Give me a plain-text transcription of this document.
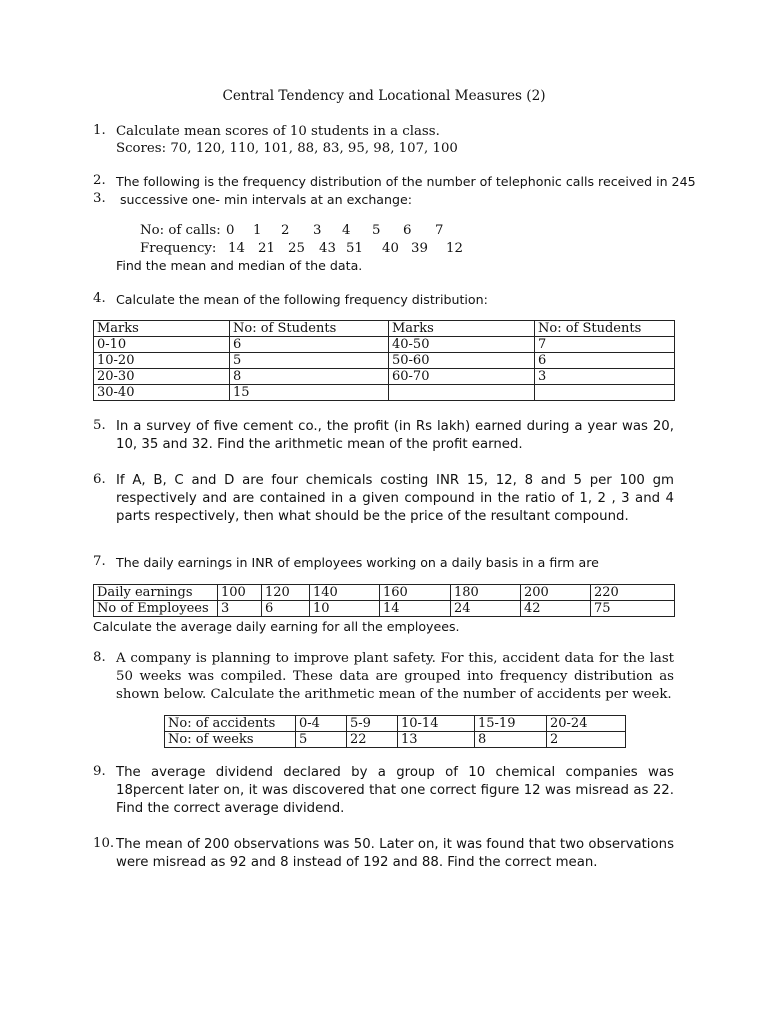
Central Tendency and Locational Measures (2)
1. Calculate mean scores of 10 students in a class.
Scores: 70, 120, 110, 101, 88, 83, 95, 98, 107, 100
2. The following is the frequency distribution of the number of telephonic calls received in 245
3. successive one- min intervals at an exchange:
No: of calls: 0 1 2 3 4 5 6 7
Frequency: 14 21 25 43 51 40 39 12
Find the mean and median of the data.
4. Calculate the mean of the following frequency distribution:
Marks	No: of Students	Marks	No: of Students
0-10	6	40-50	7
10-20	5	50-60	6
20-30	8	60-70	3
30-40	15		
5. In a survey of five cement co., the profit (in Rs lakh) earned during a year was 20, 10, 35 and 32. Find the arithmetic mean of the profit earned.
6. If A, B, C and D are four chemicals costing INR 15, 12, 8 and 5 per 100 gm respectively and are contained in a given compound in the ratio of 1, 2 , 3 and 4 parts respectively, then what should be the price of the resultant compound.
7. The daily earnings in INR of employees working on a daily basis in a firm are
Daily earnings	100	120	140	160	180	200	220
No of Employees	3	6	10	14	24	42	75
Calculate the average daily earning for all the employees.
8. A company is planning to improve plant safety. For this, accident data for the last 50 weeks was compiled. These data are grouped into frequency distribution as shown below. Calculate the arithmetic mean of the number of accidents per week.
No: of accidents	0-4	5-9	10-14	15-19	20-24
No: of weeks	5	22	13	8	2
9. The average dividend declared by a group of 10 chemical companies was 18percent later on, it was discovered that one correct figure 12 was misread as 22. Find the correct average dividend.
10. The mean of 200 observations was 50. Later on, it was found that two observations were misread as 92 and 8 instead of 192 and 88. Find the correct mean.
